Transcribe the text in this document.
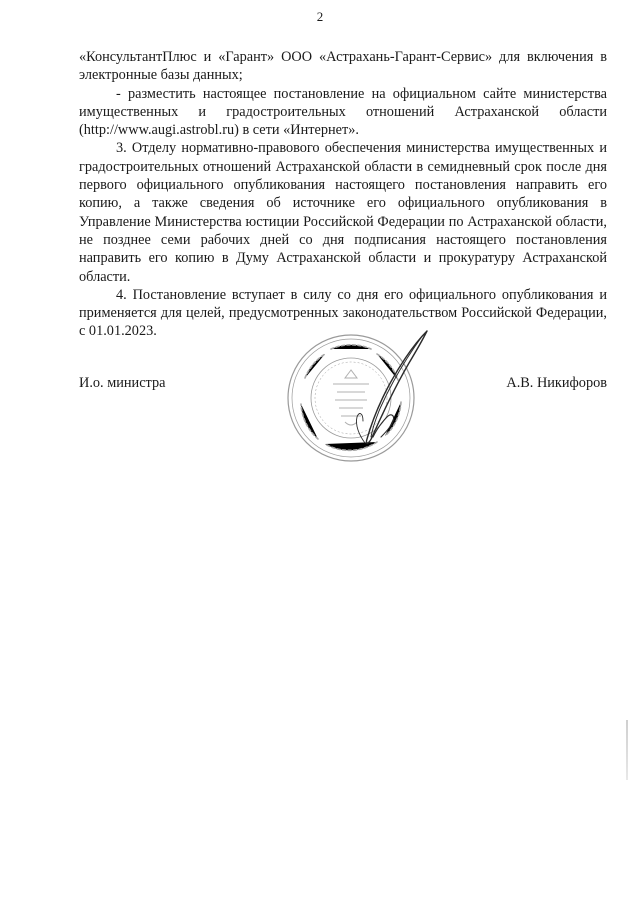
2

«КонсультантПлюс и «Гарант» ООО «Астрахань-Гарант-Сервис» для включения в электронные базы данных;

- разместить настоящее постановление на официальном сайте министерства имущественных и градостроительных отношений Астраханской области (http://www.augi.astrobl.ru) в сети «Интернет».

3. Отделу нормативно-правового обеспечения министерства имущественных и градостроительных отношений Астраханской области в семидневный срок после дня первого официального опубликования настоящего постановления направить его копию, а также сведения об источнике его официального опубликования в Управление Министерства юстиции Российской Федерации по Астраханской области, не позднее семи рабочих дней со дня подписания настоящего постановления направить его копию в Думу Астраханской области и прокуратуру Астраханской области.

4. Постановление вступает в силу со дня его официального опубликования и применяется для целей, предусмотренных законодательством Российской Федерации, с 01.01.2023.

И.о. министра	А.В. Никифоров
